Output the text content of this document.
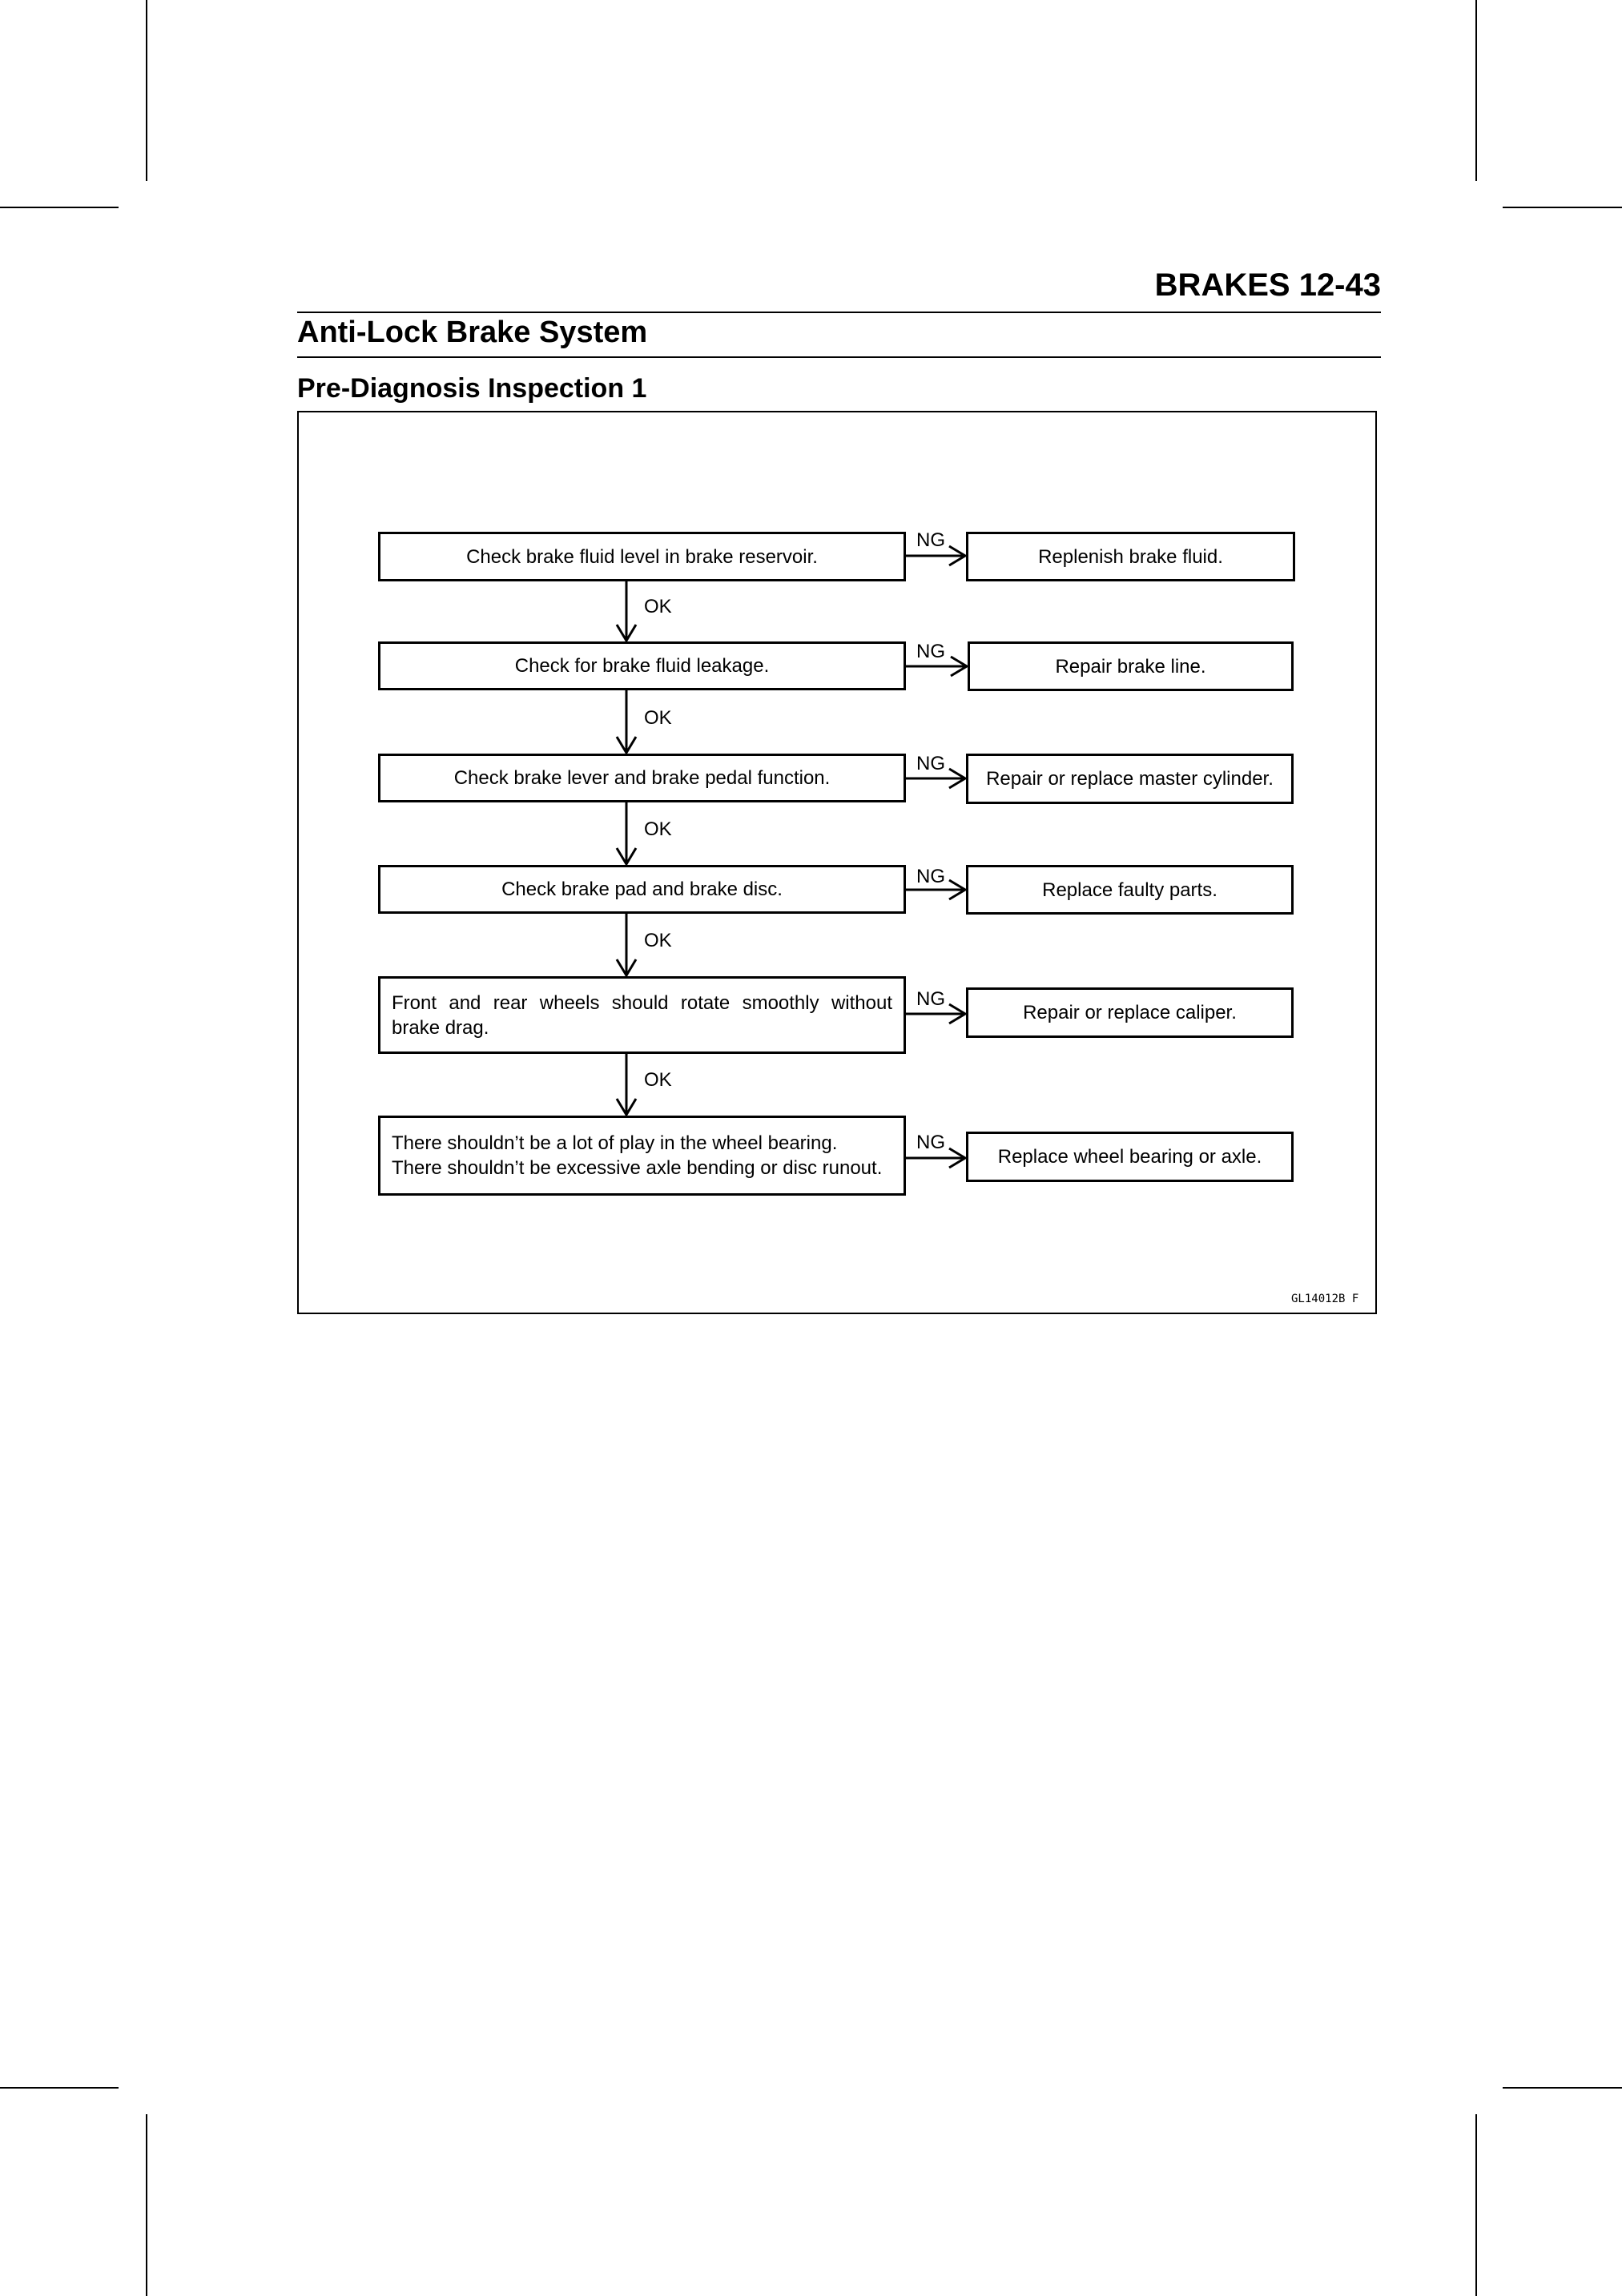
BRAKES 12-43
Anti-Lock Brake System
Pre-Diagnosis Inspection 1
Check brake fluid level in brake reservoir.
Check for brake fluid leakage.
Check brake lever and brake pedal function.
Check brake pad and brake disc.
Front and rear wheels should rotate smoothly without brake drag.
There shouldn’t be a lot of play in the wheel bearing. There shouldn’t be excessive axle bending or disc runout.
Replenish brake fluid.
Repair brake line.
Repair or replace master cylinder.
Replace faulty parts.
Repair or replace caliper.
Replace wheel bearing or axle.
NG
NG
NG
NG
NG
NG
OK
OK
OK
OK
OK
GL14012B F
